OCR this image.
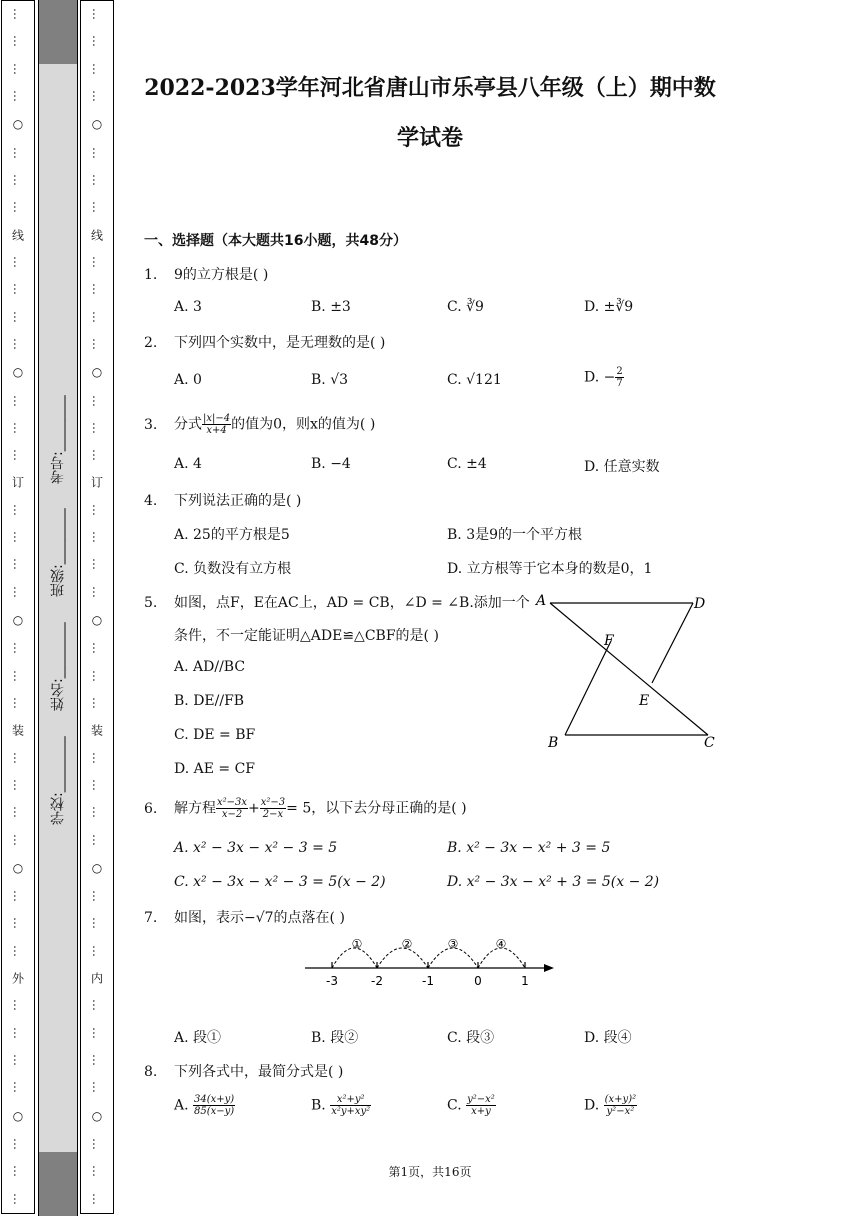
…
…
…
…
○
…
…
…
线
…
…
…
…
○
…
…
…
订
…
…
…
…
○
…
…
…
装
…
…
…
…
○
…
…
…
外
…
…
…
…
○
…
…
…
学校:________
姓名:________
班级:________
考号:________
…
…
…
…
○
…
…
…
线
…
…
…
…
○
…
…
…
订
…
…
…
…
○
…
…
…
装
…
…
…
…
○
…
…
…
内
…
…
…
…
○
…
…
…
2022-2023学年河北省唐山市乐亭县八年级（上）期中数
学试卷
一、选择题（本大题共16小题，共48分）
1. 9的立方根是( )
A. 3	B. ±3	C. ∛9	D. ±∛9
2. 下列四个实数中，是无理数的是( )
A. 0	B. √3	C. √121	D. − $\frac{2}{7}$
3. 分式 $\frac{|x|-4}{x+4}$ 的值为0，则x的值为( )
A. 4	B. −4	C. ±4	D. 任意实数
4. 下列说法正确的是( )
A. 25的平方根是5	B. 3是9的一个平方根
C. 负数没有立方根	D. 立方根等于它本身的数是0，1
5. 如图，点F，E在AC上，AD = CB，∠D = ∠B.添加一个
条件，不一定能证明△ADE≌△CBF的是( )
A. AD//BC
B. DE//FB
C. DE = BF
D. AE = CF
A	D
F
E
B	C
6. 解方程 $\frac{\text{x²−3x}}{x-2} + \frac{\text{x²−3}}{2-x} = 5$，以下去分母正确的是( )
A. x² − 3x − x² − 3 = 5	B. x² − 3x − x² + 3 = 5
C. x² − 3x − x² − 3 = 5(x − 2)	D. x² − 3x − x² + 3 = 5(x − 2)
7. 如图，表示−√7的点落在( )
①	②	③	④
-3	-2	-1	0	1
A. 段①	B. 段②	C. 段③	D. 段④
8. 下列各式中，最简分式是( )
A. $\frac{34(x+y)}{85(x-y)}$	B. $\frac{\text{x²+y²}}{\text{x²y+xy²}}$	C. $\frac{\text{y²−x²}}{x+y}$	D. $\frac{\text{(x+y)²}}{\text{y²−x²}}$
第1页，共16页
